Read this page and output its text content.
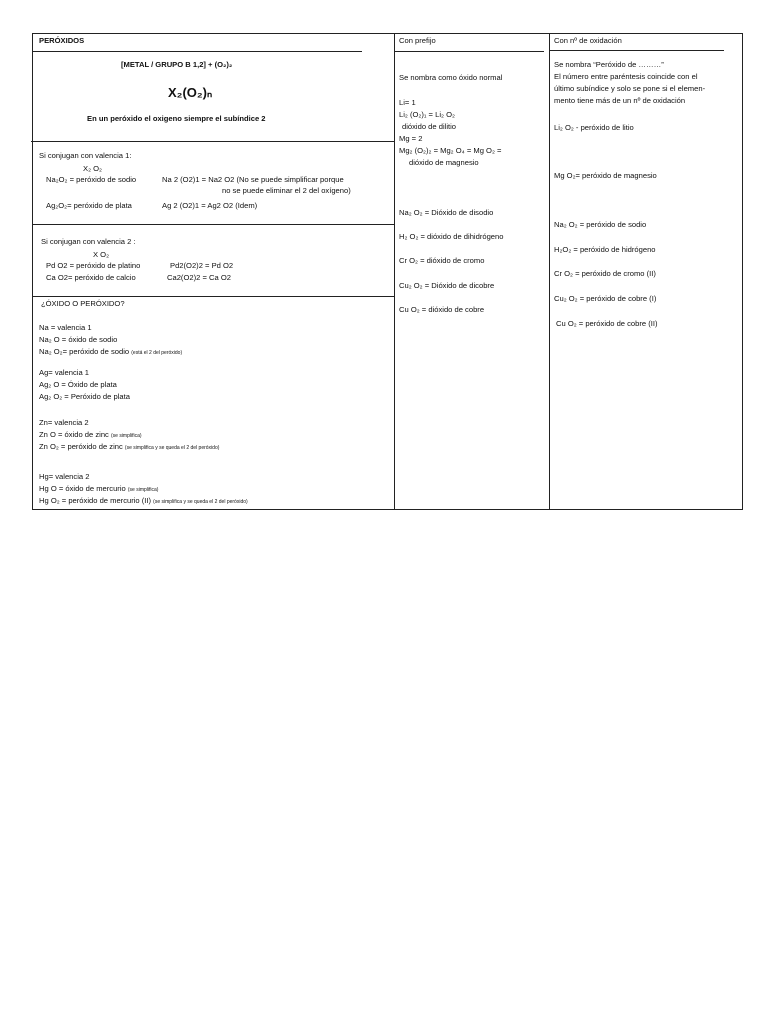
PERÓXIDOS	Con prefijo	Con nº de oxidación
[METAL / GRUPO B 1,2] + (O₂)₂
X₂(O₂)ₙ
En un peróxido el oxigeno siempre el subíndice 2
Si conjugan con valencia 1:
X₂ O₂
Na₂O₂ = peróxido de sodio	Na 2 (O2)1 = Na2 O2 (No se puede simplificar porque
no se puede eliminar el 2 del oxígeno)
Ag₂O₂= peróxido de plata	Ag 2 (O2)1 = Ag2 O2 (Idem)
Si conjugan con valencia 2 :
X O₂
Pd O2 = peróxido de platino	Pd2(O2)2 = Pd O2
Ca O2= peróxido de calcio	Ca2(O2)2 = Ca O2
¿ÓXIDO O PERÓXIDO?
Na = valencia 1
Na₂ O = óxido de sodio
Na₂ O₂= peróxido de sodio (está el 2 del peróxido)
Ag= valencia 1
Ag₂ O = Óxido de plata
Ag₂ O₂ = Peróxido de plata
Zn= valencia 2
Zn O = óxido de zinc (se simplifica)
Zn O₂ = peróxido de zinc (se simplifica y se queda el 2 del peróxido)
Hg= valencia 2
Hg O = óxido de mercurio (se simplifica)
Hg O₂ = peróxido de mercurio (II) (se simplifica y se queda el 2 del peróxido)
Se nombra como óxido normal
Li= 1
Li₂ (O₂)₁ = Li₂ O₂
dióxido de dilitio
Mg = 2
Mg₂ (O₂)₂ = Mg₂ O₄ = Mg O₂ =
dióxido de magnesio
Na₂ O₂ = Dióxido de disodio
H₂ O₂ = dióxido de dihidrógeno
Cr O₂ = dióxido de cromo
Cu₂ O₂ = Dióxido de dicobre
Cu O₂ = dióxido de cobre
Se nombra “Peróxido de ………”
El número entre paréntesis coincide con el
último subíndice y solo se pone si el elemen-
mento tiene más de un nº de oxidación
Li₂ O₂ - peróxido de litio
Mg O₂= peróxido de magnesio
Na₂ O₂ = peróxido de sodio
H₂O₂ = peróxido de hidrógeno
Cr O₂ = peróxido de cromo (II)
Cu₂ O₂ = peróxido de cobre (I)
Cu O₂ = peróxido de cobre (II)
